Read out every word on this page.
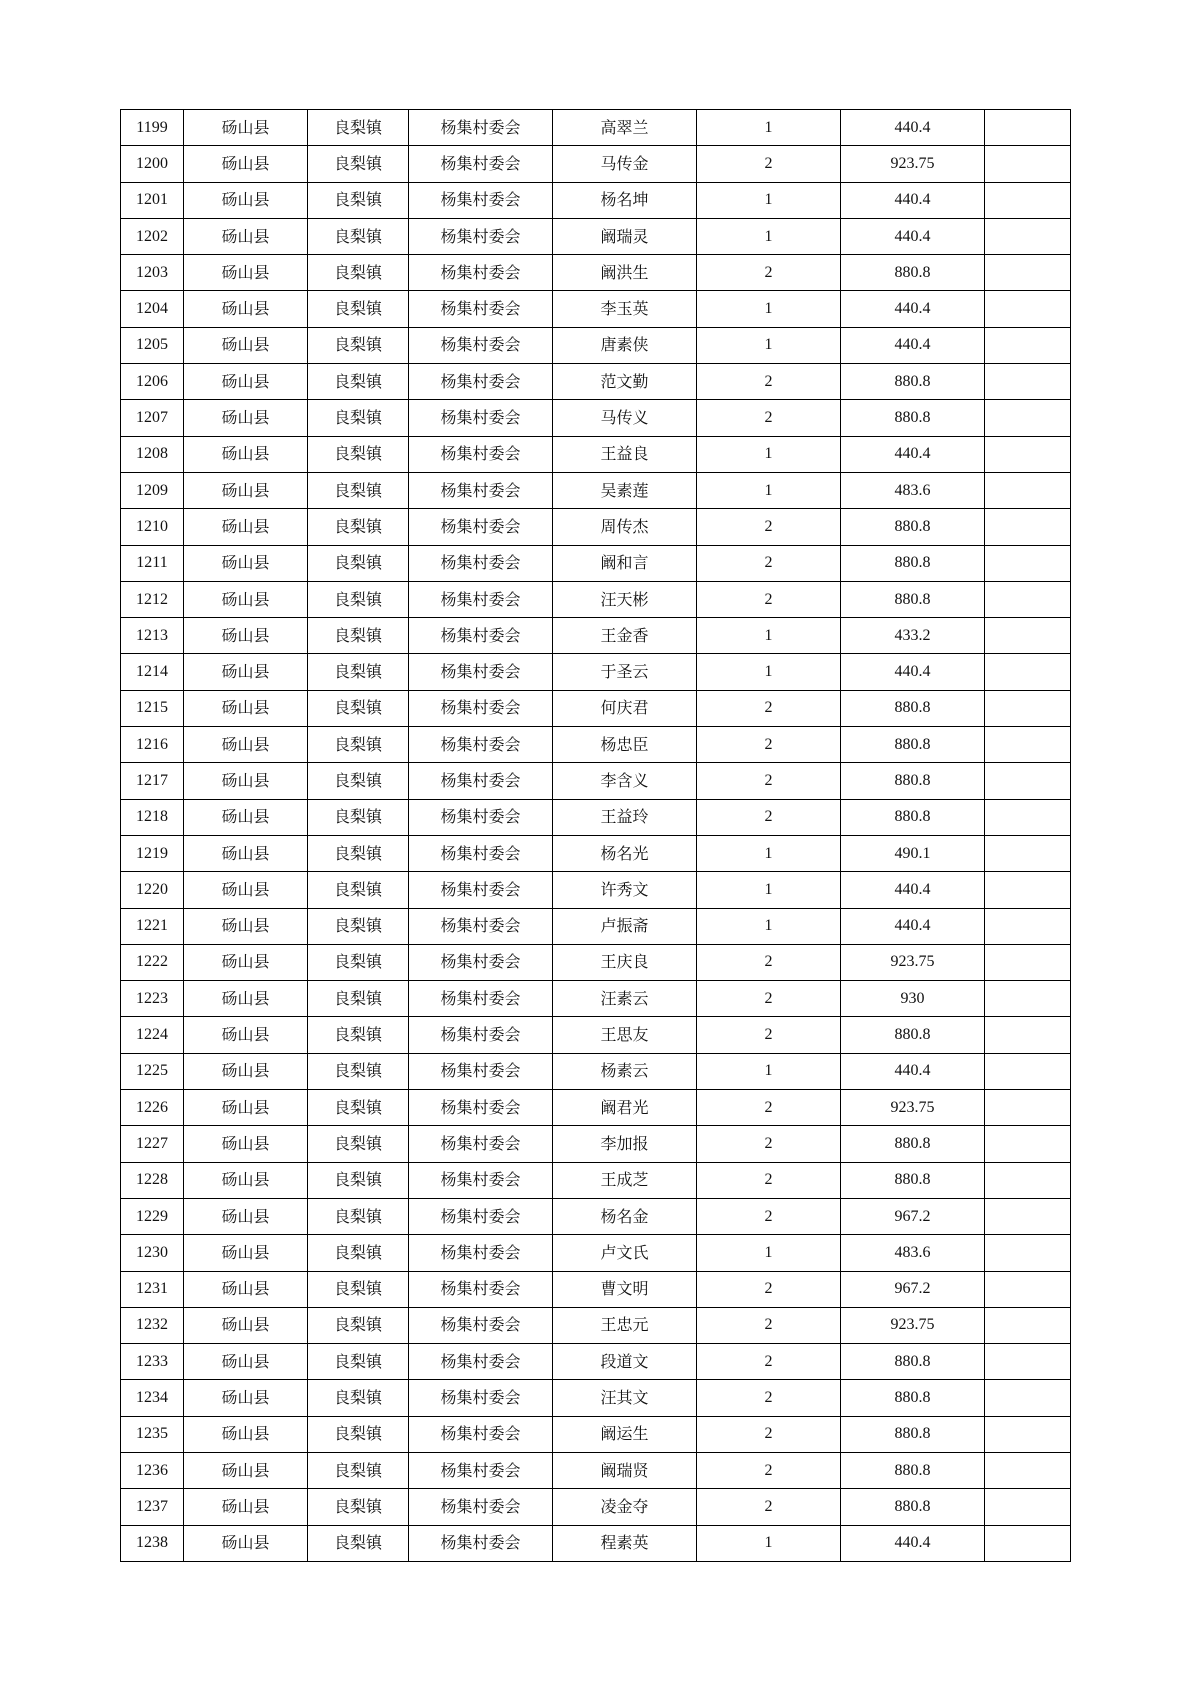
1199	砀山县	良梨镇	杨集村委会	高翠兰	1	440.4	
1200	砀山县	良梨镇	杨集村委会	马传金	2	923.75	
1201	砀山县	良梨镇	杨集村委会	杨名坤	1	440.4	
1202	砀山县	良梨镇	杨集村委会	阚瑞灵	1	440.4	
1203	砀山县	良梨镇	杨集村委会	阚洪生	2	880.8	
1204	砀山县	良梨镇	杨集村委会	李玉英	1	440.4	
1205	砀山县	良梨镇	杨集村委会	唐素侠	1	440.4	
1206	砀山县	良梨镇	杨集村委会	范文勤	2	880.8	
1207	砀山县	良梨镇	杨集村委会	马传义	2	880.8	
1208	砀山县	良梨镇	杨集村委会	王益良	1	440.4	
1209	砀山县	良梨镇	杨集村委会	吴素莲	1	483.6	
1210	砀山县	良梨镇	杨集村委会	周传杰	2	880.8	
1211	砀山县	良梨镇	杨集村委会	阚和言	2	880.8	
1212	砀山县	良梨镇	杨集村委会	汪天彬	2	880.8	
1213	砀山县	良梨镇	杨集村委会	王金香	1	433.2	
1214	砀山县	良梨镇	杨集村委会	于圣云	1	440.4	
1215	砀山县	良梨镇	杨集村委会	何庆君	2	880.8	
1216	砀山县	良梨镇	杨集村委会	杨忠臣	2	880.8	
1217	砀山县	良梨镇	杨集村委会	李含义	2	880.8	
1218	砀山县	良梨镇	杨集村委会	王益玲	2	880.8	
1219	砀山县	良梨镇	杨集村委会	杨名光	1	490.1	
1220	砀山县	良梨镇	杨集村委会	许秀文	1	440.4	
1221	砀山县	良梨镇	杨集村委会	卢振斋	1	440.4	
1222	砀山县	良梨镇	杨集村委会	王庆良	2	923.75	
1223	砀山县	良梨镇	杨集村委会	汪素云	2	930	
1224	砀山县	良梨镇	杨集村委会	王思友	2	880.8	
1225	砀山县	良梨镇	杨集村委会	杨素云	1	440.4	
1226	砀山县	良梨镇	杨集村委会	阚君光	2	923.75	
1227	砀山县	良梨镇	杨集村委会	李加报	2	880.8	
1228	砀山县	良梨镇	杨集村委会	王成芝	2	880.8	
1229	砀山县	良梨镇	杨集村委会	杨名金	2	967.2	
1230	砀山县	良梨镇	杨集村委会	卢文氏	1	483.6	
1231	砀山县	良梨镇	杨集村委会	曹文明	2	967.2	
1232	砀山县	良梨镇	杨集村委会	王忠元	2	923.75	
1233	砀山县	良梨镇	杨集村委会	段道文	2	880.8	
1234	砀山县	良梨镇	杨集村委会	汪其文	2	880.8	
1235	砀山县	良梨镇	杨集村委会	阚运生	2	880.8	
1236	砀山县	良梨镇	杨集村委会	阚瑞贤	2	880.8	
1237	砀山县	良梨镇	杨集村委会	凌金夺	2	880.8	
1238	砀山县	良梨镇	杨集村委会	程素英	1	440.4	
